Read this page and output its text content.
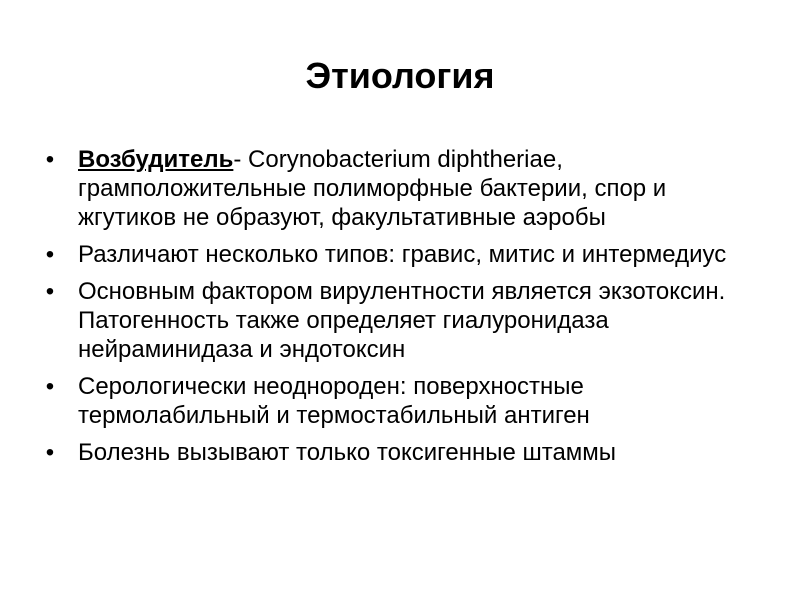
Этиология
• Возбудитель- Corynobacterium diphtheriae, грамположительные полиморфные бактерии, спор и жгутиков не образуют, факультативные аэробы
• Различают несколько типов: гравис, митис и интермедиус
• Основным фактором вирулентности является экзотоксин. Патогенность также определяет гиалуронидаза нейраминидаза и эндотоксин
• Серологически неоднороден: поверхностные термолабильный и термостабильный антиген
• Болезнь вызывают только токсигенные штаммы
